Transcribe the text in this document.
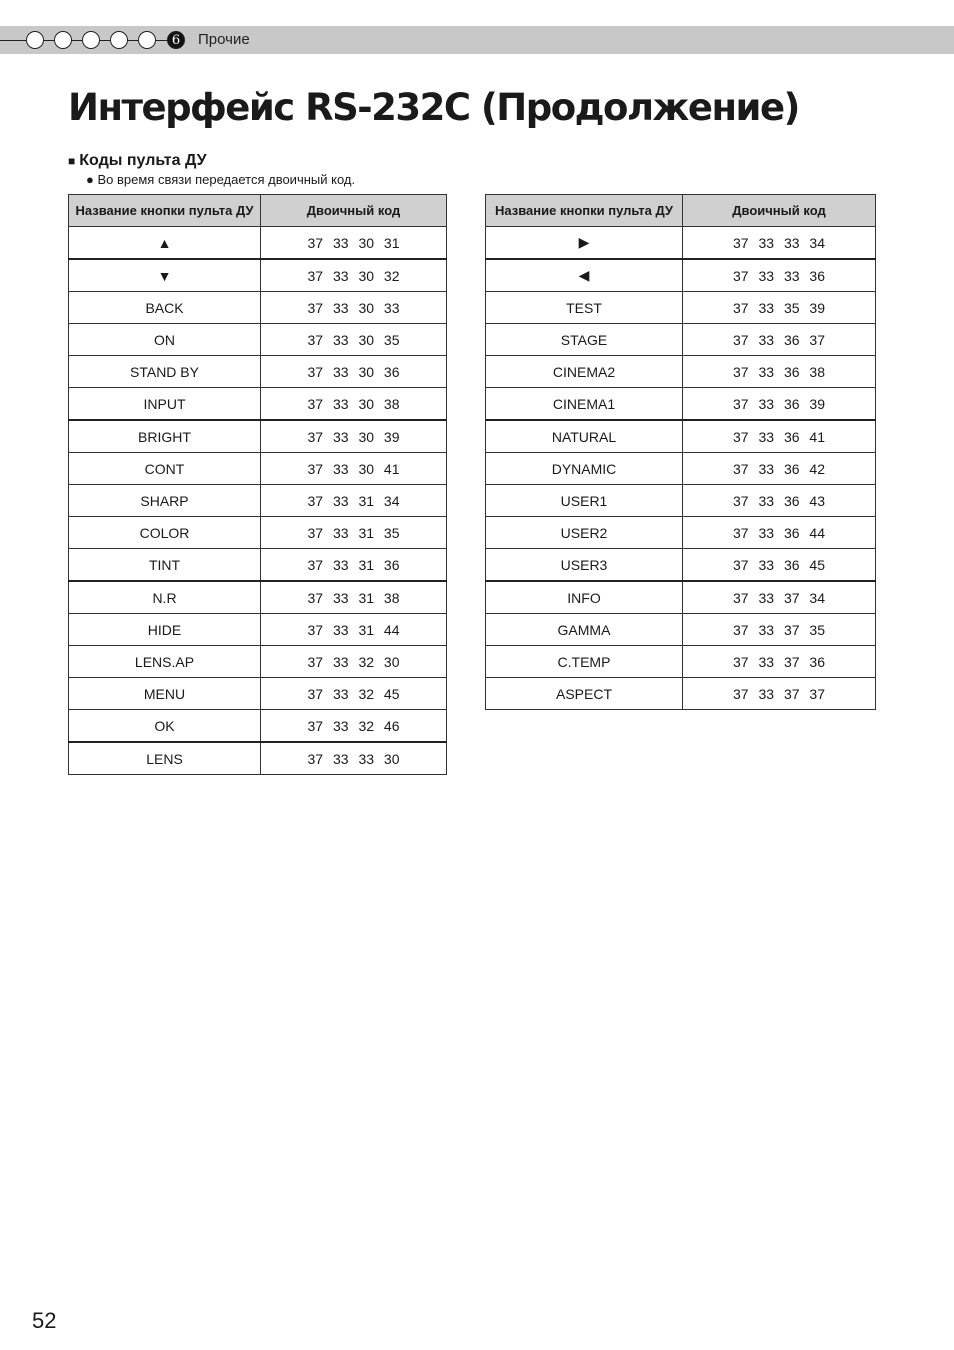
6	Прочие
Интерфейс RS-232C (Продолжение)
■ Коды пульта ДУ
● Во время связи передается двоичный код.
Название кнопки пульта ДУ	Двоичный код
▲	37 33 30 31
▼	37 33 30 32
BACK	37 33 30 33
ON	37 33 30 35
STAND BY	37 33 30 36
INPUT	37 33 30 38
BRIGHT	37 33 30 39
CONT	37 33 30 41
SHARP	37 33 31 34
COLOR	37 33 31 35
TINT	37 33 31 36
N.R	37 33 31 38
HIDE	37 33 31 44
LENS.AP	37 33 32 30
MENU	37 33 32 45
OK	37 33 32 46
LENS	37 33 33 30
Название кнопки пульта ДУ	Двоичный код
▶	37 33 33 34
◀	37 33 33 36
TEST	37 33 35 39
STAGE	37 33 36 37
CINEMA2	37 33 36 38
CINEMA1	37 33 36 39
NATURAL	37 33 36 41
DYNAMIC	37 33 36 42
USER1	37 33 36 43
USER2	37 33 36 44
USER3	37 33 36 45
INFO	37 33 37 34
GAMMA	37 33 37 35
C.TEMP	37 33 37 36
ASPECT	37 33 37 37
52
